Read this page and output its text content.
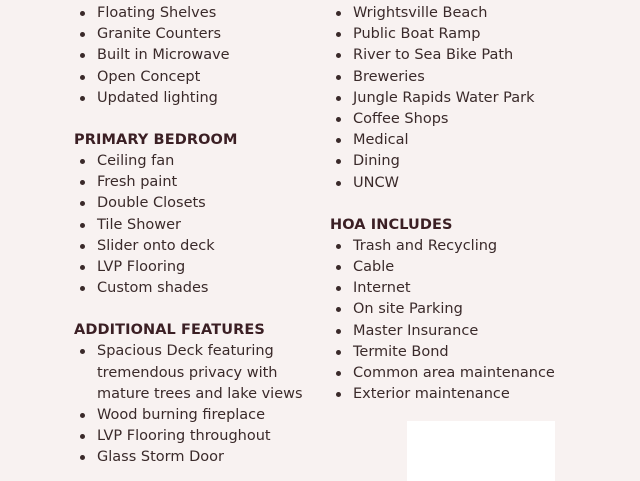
Floating Shelves
Granite Counters
Built in Microwave
Open Concept
Updated lighting
PRIMARY BEDROOM
Ceiling fan
Fresh paint
Double Closets
Tile Shower
Slider onto deck
LVP Flooring
Custom shades
ADDITIONAL FEATURES
Spacious Deck featuring tremendous privacy with mature trees and lake views
Wood burning fireplace
LVP Flooring throughout
Glass Storm Door
Wrightsville Beach
Public Boat Ramp
River to Sea Bike Path
Breweries
Jungle Rapids Water Park
Coffee Shops
Medical
Dining
UNCW
HOA INCLUDES
Trash and Recycling
Cable
Internet
On site Parking
Master Insurance
Termite Bond
Common area maintenance
Exterior maintenance
